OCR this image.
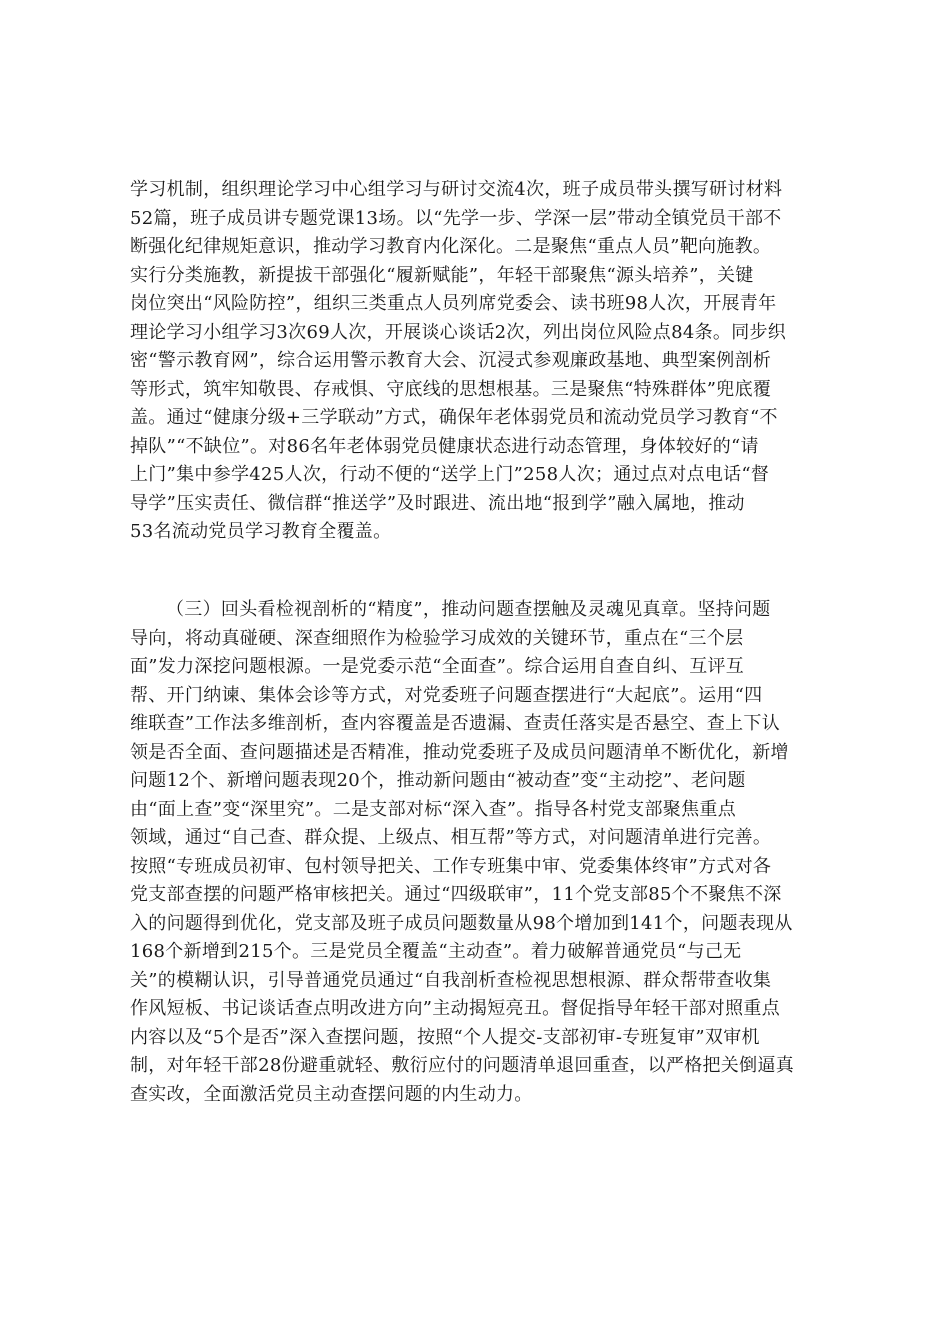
学习机制，组织理论学习中心组学习与研讨交流4次，班子成员带头撰写研讨材料
52篇，班子成员讲专题党课13场。以“先学一步、学深一层”带动全镇党员干部不
断强化纪律规矩意识，推动学习教育内化深化。二是聚焦“重点人员”靶向施教。
实行分类施教，新提拔干部强化“履新赋能”，年轻干部聚焦“源头培养”，关键
岗位突出“风险防控”，组织三类重点人员列席党委会、读书班98人次，开展青年
理论学习小组学习3次69人次，开展谈心谈话2次，列出岗位风险点84条。同步织
密“警示教育网”，综合运用警示教育大会、沉浸式参观廉政基地、典型案例剖析
等形式，筑牢知敬畏、存戒惧、守底线的思想根基。三是聚焦“特殊群体”兜底覆
盖。通过“健康分级+三学联动”方式，确保年老体弱党员和流动党员学习教育“不
掉队”“不缺位”。对86名年老体弱党员健康状态进行动态管理，身体较好的“请
上门”集中参学425人次，行动不便的“送学上门”258人次；通过点对点电话“督
导学”压实责任、微信群“推送学”及时跟进、流出地“报到学”融入属地，推动
53名流动党员学习教育全覆盖。
（三）回头看检视剖析的“精度”，推动问题查摆触及灵魂见真章。坚持问题
导向，将动真碰硬、深查细照作为检验学习成效的关键环节，重点在“三个层
面”发力深挖问题根源。一是党委示范“全面查”。综合运用自查自纠、互评互
帮、开门纳谏、集体会诊等方式，对党委班子问题查摆进行“大起底”。运用“四
维联查”工作法多维剖析，查内容覆盖是否遗漏、查责任落实是否悬空、查上下认
领是否全面、查问题描述是否精准，推动党委班子及成员问题清单不断优化，新增
问题12个、新增问题表现20个，推动新问题由“被动查”变“主动挖”、老问题
由“面上查”变“深里究”。二是支部对标“深入查”。指导各村党支部聚焦重点
领域，通过“自己查、群众提、上级点、相互帮”等方式，对问题清单进行完善。
按照“专班成员初审、包村领导把关、工作专班集中审、党委集体终审”方式对各
党支部查摆的问题严格审核把关。通过“四级联审”，11个党支部85个不聚焦不深
入的问题得到优化，党支部及班子成员问题数量从98个增加到141个，问题表现从
168个新增到215个。三是党员全覆盖“主动查”。着力破解普通党员“与己无
关”的模糊认识，引导普通党员通过“自我剖析查检视思想根源、群众帮带查收集
作风短板、书记谈话查点明改进方向”主动揭短亮丑。督促指导年轻干部对照重点
内容以及“5个是否”深入查摆问题，按照“个人提交-支部初审-专班复审”双审机
制，对年轻干部28份避重就轻、敷衍应付的问题清单退回重查，以严格把关倒逼真
查实改，全面激活党员主动查摆问题的内生动力。
